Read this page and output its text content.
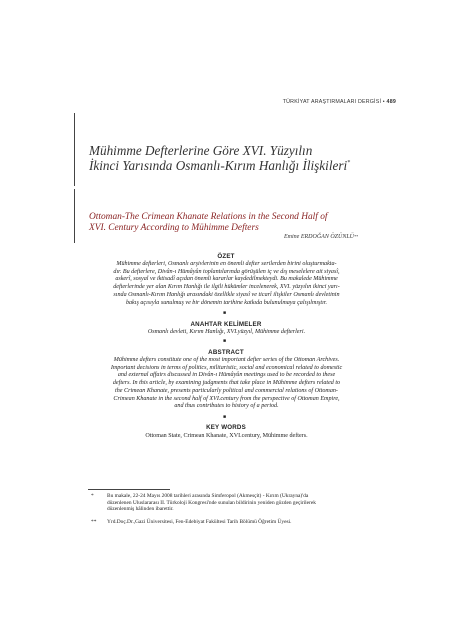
TÜRKİYAT ARAŞTIRMALARI DERGİSİ • 489
Mühimme Defterlerine Göre XVI. Yüzyılın
İkinci Yarısında Osmanlı-Kırım Hanlığı İlişkileri*
Ottoman-The Crimean Khanate Relations in the Second Half of
XVI. Century According to Mühimme Defters
Emine ERDOĞAN ÖZÜNLÜ**
ÖZET
Mühimme defterleri, Osmanlı arşivlerinin en önemli defter serilerden birini oluşturmakta-
dır. Bu defterlere, Divân-ı Hümâyûn toplantılarında görüşülen iç ve dış meselelere ait siyasî,
askerî, sosyal ve iktisadî açıdan önemli kararlar kaydedilmekteydi. Bu makalede Mühimme
defterlerinde yer alan Kırım Hanlığı ile ilgili hükümler incelenerek, XVI. yüzyılın ikinci yarı-
sında Osmanlı-Kırım Hanlığı arasındaki özellikle siyasî ve ticarî ilişkiler Osmanlı devletinin
bakış açısıyla sunulmuş ve bir dönemin tarihine katkıda bulunulmaya çalışılmıştır.
■
ANAHTAR KELİMELER
Osmanlı devleti, Kırım Hanlığı, XVI.yüzyıl, Mühimme defterleri.
■
ABSTRACT
Mühimme defters constitute one of the most important defter series of the Ottoman Archives.
Important decisions in terms of politics, militaristic, social and economical related to domestic
and external affairs discussed in Divân-ı Hümâyûn meetings used to be recorded to these
defters. In this article, by examining judgments that take place in Mühimme defters related to
the Crimean Khanate, presents particularly political and commercial relations of Ottoman-
Crimean Khanate in the second half of XVI.century from the perspective of Ottoman Empire,
and thus contributes to history of a period.
■
KEY WORDS
Ottoman State, Crimean Khanate, XVI.century, Mühimme defters.
* Bu makale, 22-24 Mayıs 2008 tarihleri arasında Simferopol (Akmesçit) - Kırım (Ukrayna)'da
düzenlenen Uluslararası II. Türkoloji Kongresi'nde sunulan bildirinin yeniden gözden geçirilerek
düzenlenmiş hâlinden ibarettir.
** Yrd.Doç.Dr.,Gazi Üniversitesi, Fen-Edebiyat Fakültesi Tarih Bölümü Öğretim Üyesi.
